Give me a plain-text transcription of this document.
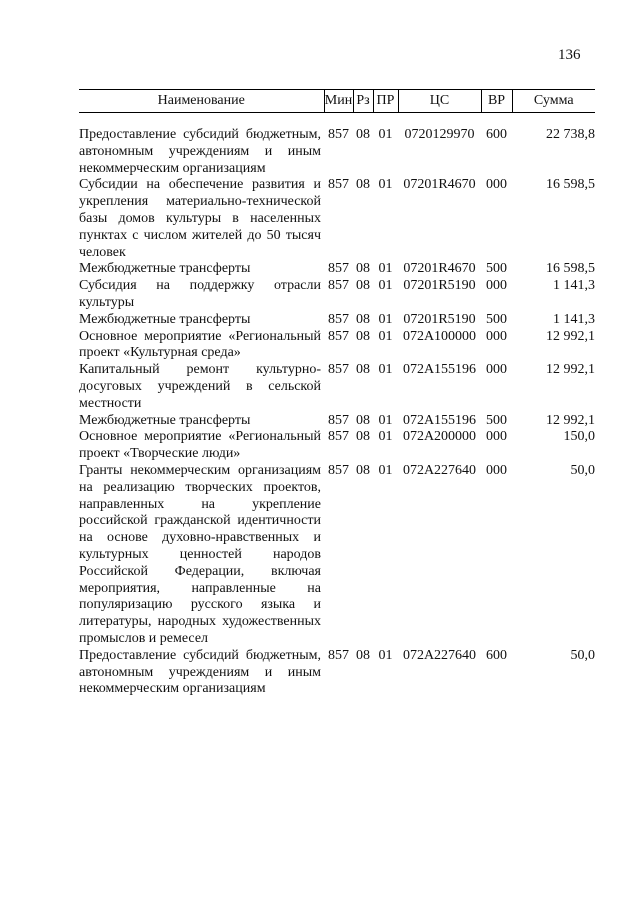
136
Наименование	Мин	Рз	ПР	ЦС	ВР	Сумма

Предоставление субсидий бюджетным, автономным учреждениям и иным некоммерческим организациям	857	08	01	0720129970	600	22 738,8
Субсидии на обеспечение развития и укрепления материально-технической базы домов культуры в населенных пунктах с числом жителей до 50 тысяч человек	857	08	01	07201R4670	000	16 598,5
Межбюджетные трансферты	857	08	01	07201R4670	500	16 598,5
Субсидия на поддержку отрасли культуры	857	08	01	07201R5190	000	1 141,3
Межбюджетные трансферты	857	08	01	07201R5190	500	1 141,3
Основное мероприятие «Региональный проект «Культурная среда»	857	08	01	072A100000	000	12 992,1
Капитальный ремонт культурно-досуговых учреждений в сельской местности	857	08	01	072A155196	000	12 992,1
Межбюджетные трансферты	857	08	01	072A155196	500	12 992,1
Основное мероприятие «Региональный проект «Творческие люди»	857	08	01	072A200000	000	150,0
Гранты некоммерческим организациям на реализацию творческих проектов, направленных на укрепление российской гражданской идентичности на основе духовно-нравственных и культурных ценностей народов Российской Федерации, включая мероприятия, направленные на популяризацию русского языка и литературы, народных художественных промыслов и ремесел	857	08	01	072A227640	000	50,0
Предоставление субсидий бюджетным, автономным учреждениям и иным некоммерческим организациям	857	08	01	072A227640	600	50,0
